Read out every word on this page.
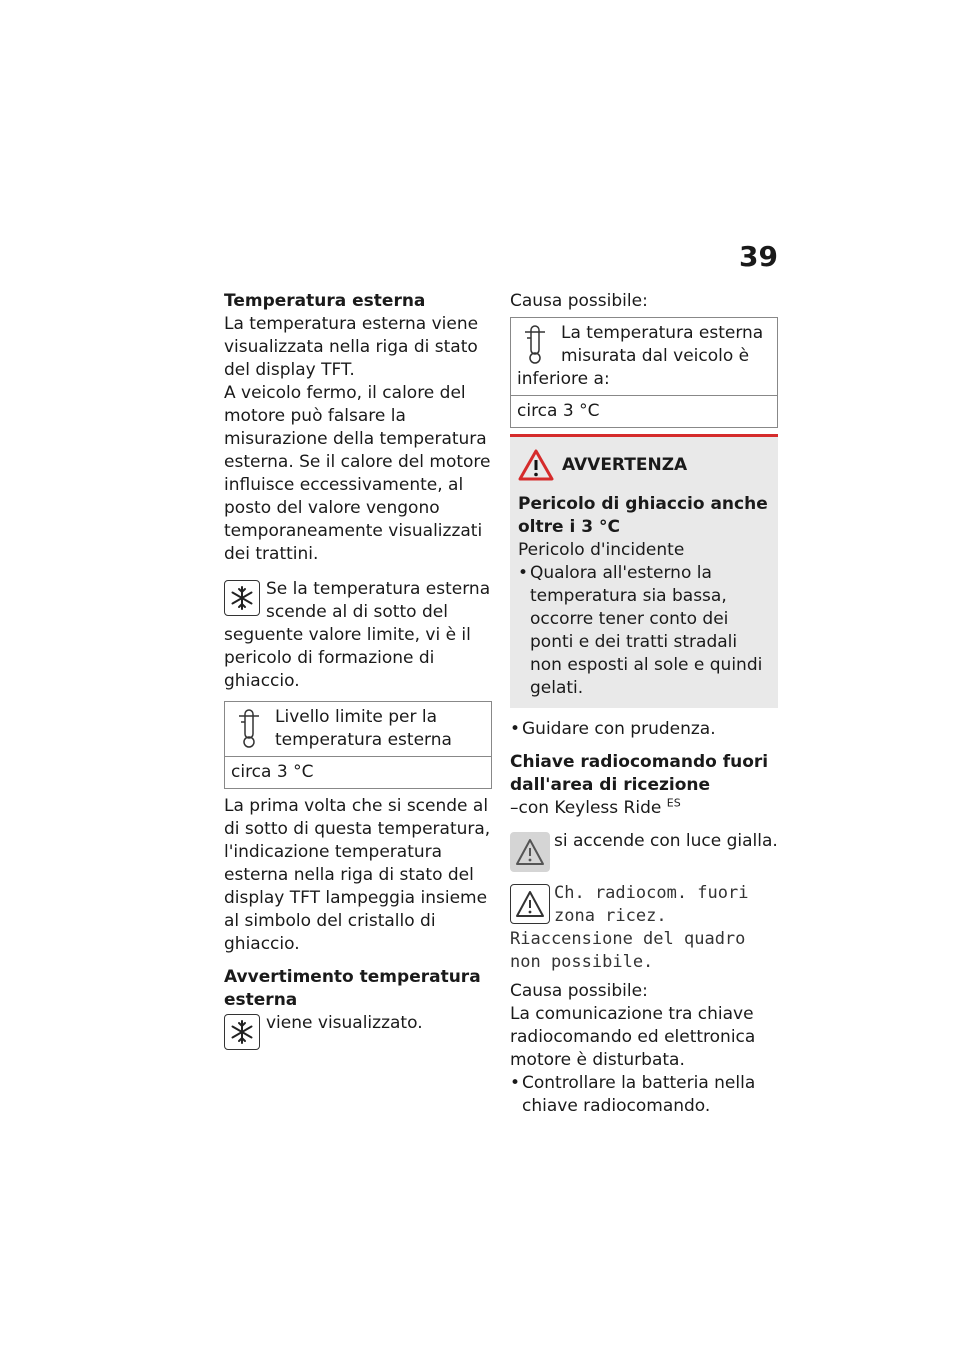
39

Temperatura esterna

La temperatura esterna viene visualizzata nella riga di stato del display TFT.

A veicolo fermo, il calore del motore può falsare la misurazione della temperatura esterna. Se il calore del motore influisce eccessivamente, al posto del valore vengono temporaneamente visualizzati dei trattini.

Se la temperatura esterna scende al di sotto del seguente valore limite, vi è il pericolo di formazione di ghiaccio.

Livello limite per la temperatura esterna

circa 3 °C

La prima volta che si scende al di sotto di questa temperatura, l'indicazione temperatura esterna nella riga di stato del display TFT lampeggia insieme al simbolo del cristallo di ghiaccio.

Avvertimento temperatura esterna

viene visualizzato.

Causa possibile:

La temperatura esterna misurata dal veicolo è inferiore a:

circa 3 °C
AVVERTENZA

Pericolo di ghiaccio anche oltre i 3 °C

Pericolo d'incidente

• Qualora all'esterno la temperatura sia bassa, occorre tener conto dei ponti e dei tratti stradali non esposti al sole e quindi gelati.
• Guidare con prudenza.

Chiave radiocomando fuori dall'area di ricezione

–con Keyless Ride $^{ES}$

si accende con luce gialla.

Ch. radiocom. fuori zona ricez. Riaccensione del quadro non possibile.

Causa possibile:

La comunicazione tra chiave radiocomando ed elettronica motore è disturbata.

• Controllare la batteria nella chiave radiocomando.
